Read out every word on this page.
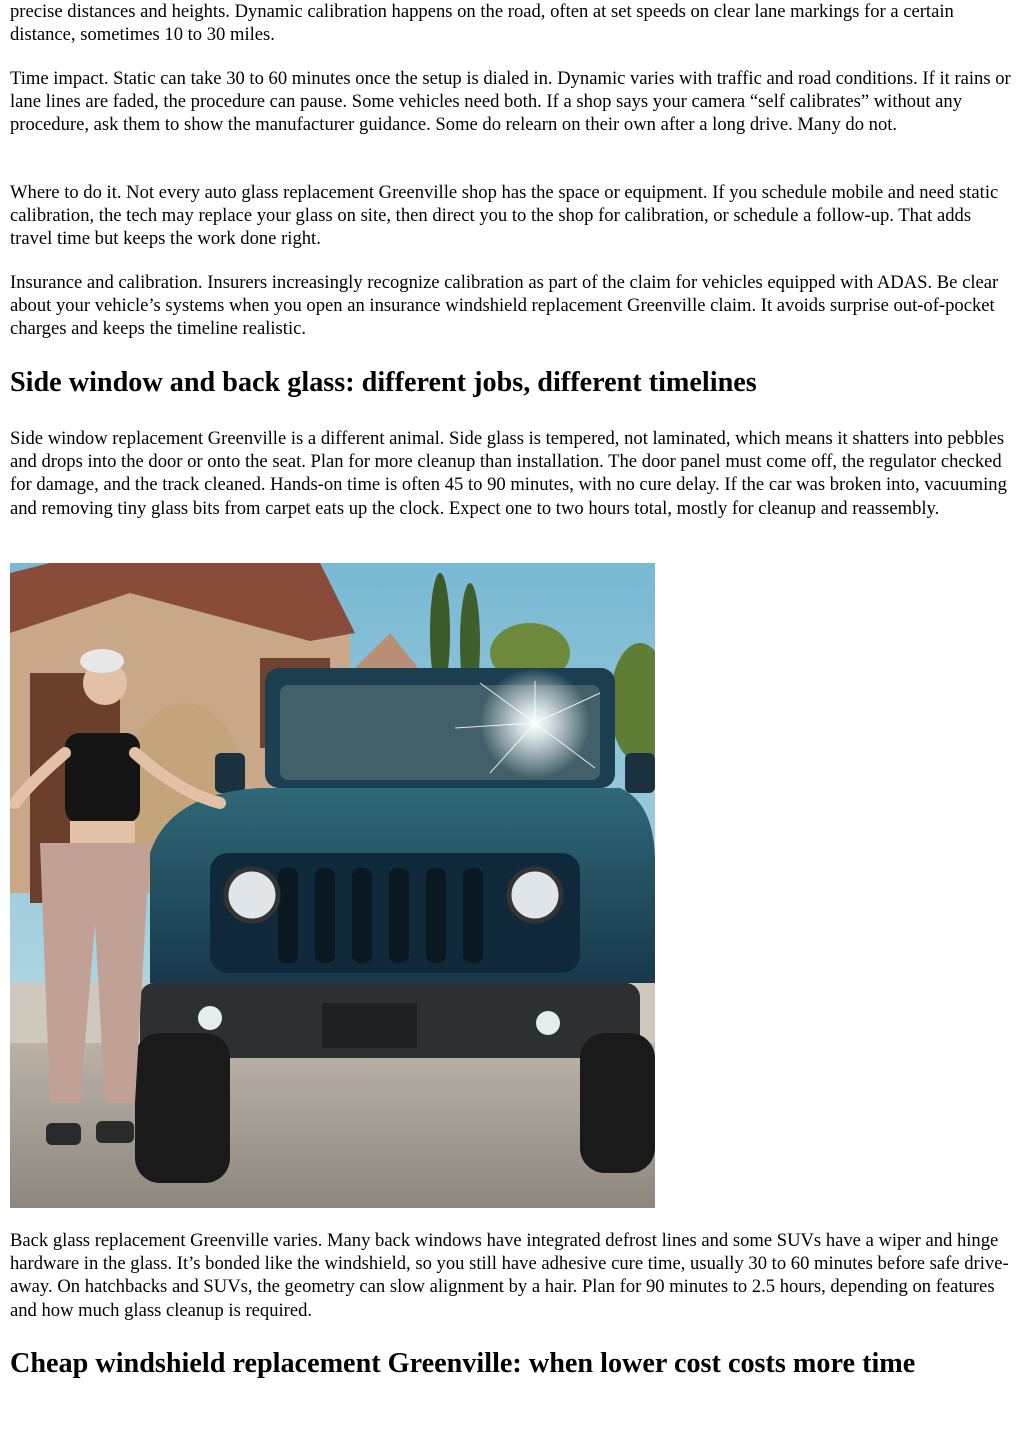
precise distances and heights. Dynamic calibration happens on the road, often at set speeds on clear lane markings for a certain distance, sometimes 10 to 30 miles.

Time impact. Static can take 30 to 60 minutes once the setup is dialed in. Dynamic varies with traffic and road conditions. If it rains or lane lines are faded, the procedure can pause. Some vehicles need both. If a shop says your camera “self calibrates” without any procedure, ask them to show the manufacturer guidance. Some do relearn on their own after a long drive. Many do not.

Where to do it. Not every auto glass replacement Greenville shop has the space or equipment. If you schedule mobile and need static calibration, the tech may replace your glass on site, then direct you to the shop for calibration, or schedule a follow-up. That adds travel time but keeps the work done right.

Insurance and calibration. Insurers increasingly recognize calibration as part of the claim for vehicles equipped with ADAS. Be clear about your vehicle’s systems when you open an insurance windshield replacement Greenville claim. It avoids surprise out-of-pocket charges and keeps the timeline realistic.

Side window and back glass: different jobs, different timelines

Side window replacement Greenville is a different animal. Side glass is tempered, not laminated, which means it shatters into pebbles and drops into the door or onto the seat. Plan for more cleanup than installation. The door panel must come off, the regulator checked for damage, and the track cleaned. Hands-on time is often 45 to 90 minutes, with no cure delay. If the car was broken into, vacuuming and removing tiny glass bits from carpet eats up the clock. Expect one to two hours total, mostly for cleanup and reassembly.

Back glass replacement Greenville varies. Many back windows have integrated defrost lines and some SUVs have a wiper and hinge hardware in the glass. It’s bonded like the windshield, so you still have adhesive cure time, usually 30 to 60 minutes before safe drive-away. On hatchbacks and SUVs, the geometry can slow alignment by a hair. Plan for 90 minutes to 2.5 hours, depending on features and how much glass cleanup is required.

Cheap windshield replacement Greenville: when lower cost costs more time
